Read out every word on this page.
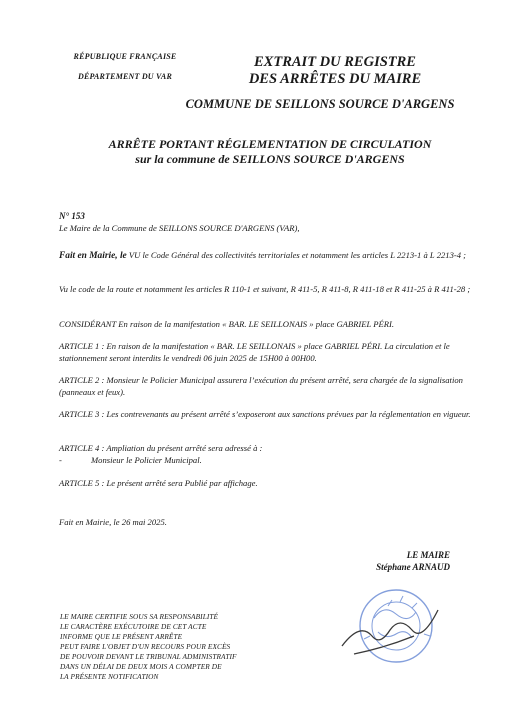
RÉPUBLIQUE FRANÇAISE
DÉPARTEMENT DU VAR
EXTRAIT DU REGISTRE
DES ARRÊTES DU MAIRE
COMMUNE DE SEILLONS SOURCE D'ARGENS
ARRÊTE PORTANT RÉGLEMENTATION DE CIRCULATION
sur la commune de SEILLONS SOURCE D'ARGENS
N° 153
Le Maire de la Commune de SEILLONS SOURCE D'ARGENS (VAR),
Fait en Mairie, le VU le Code Général des collectivités territoriales et notamment les articles L 2213-1 à L 2213-4 ;
Vu le code de la route et notamment les articles R 110-1 et suivant, R 411-5, R 411-8, R 411-18 et R 411-25 à R 411-28 ;
CONSIDÉRANT En raison de la manifestation « BAR. LE SEILLONAIS » place GABRIEL PÉRI.
ARTICLE 1 : En raison de la manifestation « BAR. LE SEILLONAIS » place GABRIEL PÉRI. La circulation et le stationnement seront interdits le vendredi 06 juin 2025 de 15H00 à 00H00.
ARTICLE 2 : Monsieur le Policier Municipal assurera l’exécution du présent arrêté, sera chargée de la signalisation (panneaux et feux).
ARTICLE 3 : Les contrevenants au présent arrêté s’exposeront aux sanctions prévues par la réglementation en vigueur.
ARTICLE 4 : Ampliation du présent arrêté sera adressé à :
-	Monsieur le Policier Municipal.
ARTICLE 5 : Le présent arrêté sera Publié par affichage.
Fait en Mairie, le 26 mai 2025.
LE MAIRE
Stéphane ARNAUD
LE MAIRE CERTIFIE SOUS SA RESPONSABILITÉ
LE CARACTÈRE EXÉCUTOIRE DE CET ACTE
INFORME QUE LE PRÉSENT ARRÊTE
PEUT FAIRE L'OBJET D'UN RECOURS POUR EXCÈS
DE POUVOIR DEVANT LE TRIBUNAL ADMINISTRATIF
DANS UN DÉLAI DE DEUX MOIS A COMPTER DE
LA PRÉSENTE NOTIFICATION
